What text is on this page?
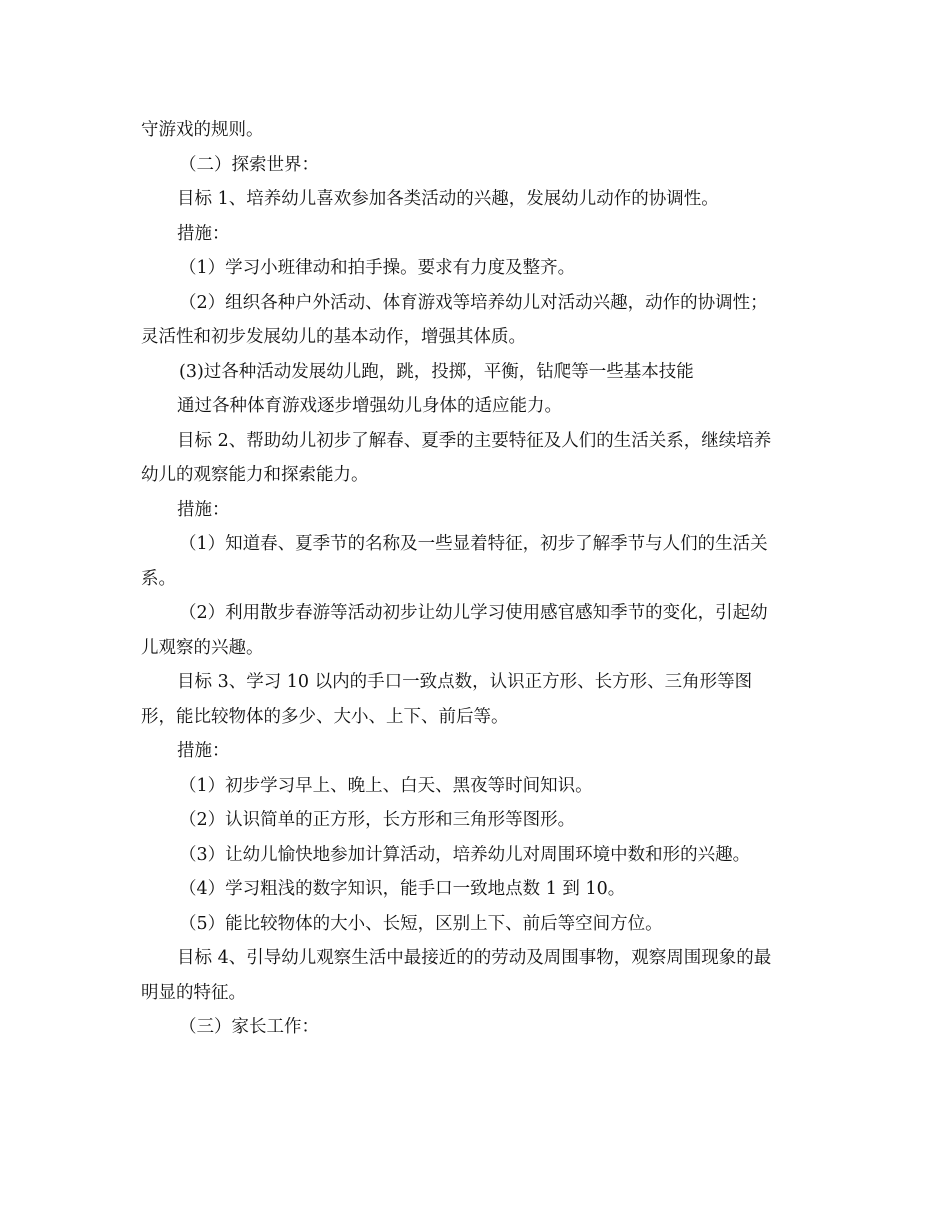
守游戏的规则。
（二）探索世界：
目标 1、培养幼儿喜欢参加各类活动的兴趣，发展幼儿动作的协调性。
措施：
（1）学习小班律动和拍手操。要求有力度及整齐。
（2）组织各种户外活动、体育游戏等培养幼儿对活动兴趣，动作的协调性；
灵活性和初步发展幼儿的基本动作，增强其体质。
(3)过各种活动发展幼儿跑，跳，投掷，平衡，钻爬等一些基本技能
通过各种体育游戏逐步增强幼儿身体的适应能力。
目标 2、帮助幼儿初步了解春、夏季的主要特征及人们的生活关系，继续培养
幼儿的观察能力和探索能力。
措施：
（1）知道春、夏季节的名称及一些显着特征，初步了解季节与人们的生活关
系。
（2）利用散步春游等活动初步让幼儿学习使用感官感知季节的变化，引起幼
儿观察的兴趣。
目标 3、学习 10 以内的手口一致点数，认识正方形、长方形、三角形等图
形，能比较物体的多少、大小、上下、前后等。
措施：
（1）初步学习早上、晚上、白天、黑夜等时间知识。
（2）认识简单的正方形，长方形和三角形等图形。
（3）让幼儿愉快地参加计算活动，培养幼儿对周围环境中数和形的兴趣。
（4）学习粗浅的数字知识，能手口一致地点数 1 到 10。
（5）能比较物体的大小、长短，区别上下、前后等空间方位。
目标 4、引导幼儿观察生活中最接近的的劳动及周围事物，观察周围现象的最
明显的特征。
（三）家长工作：
